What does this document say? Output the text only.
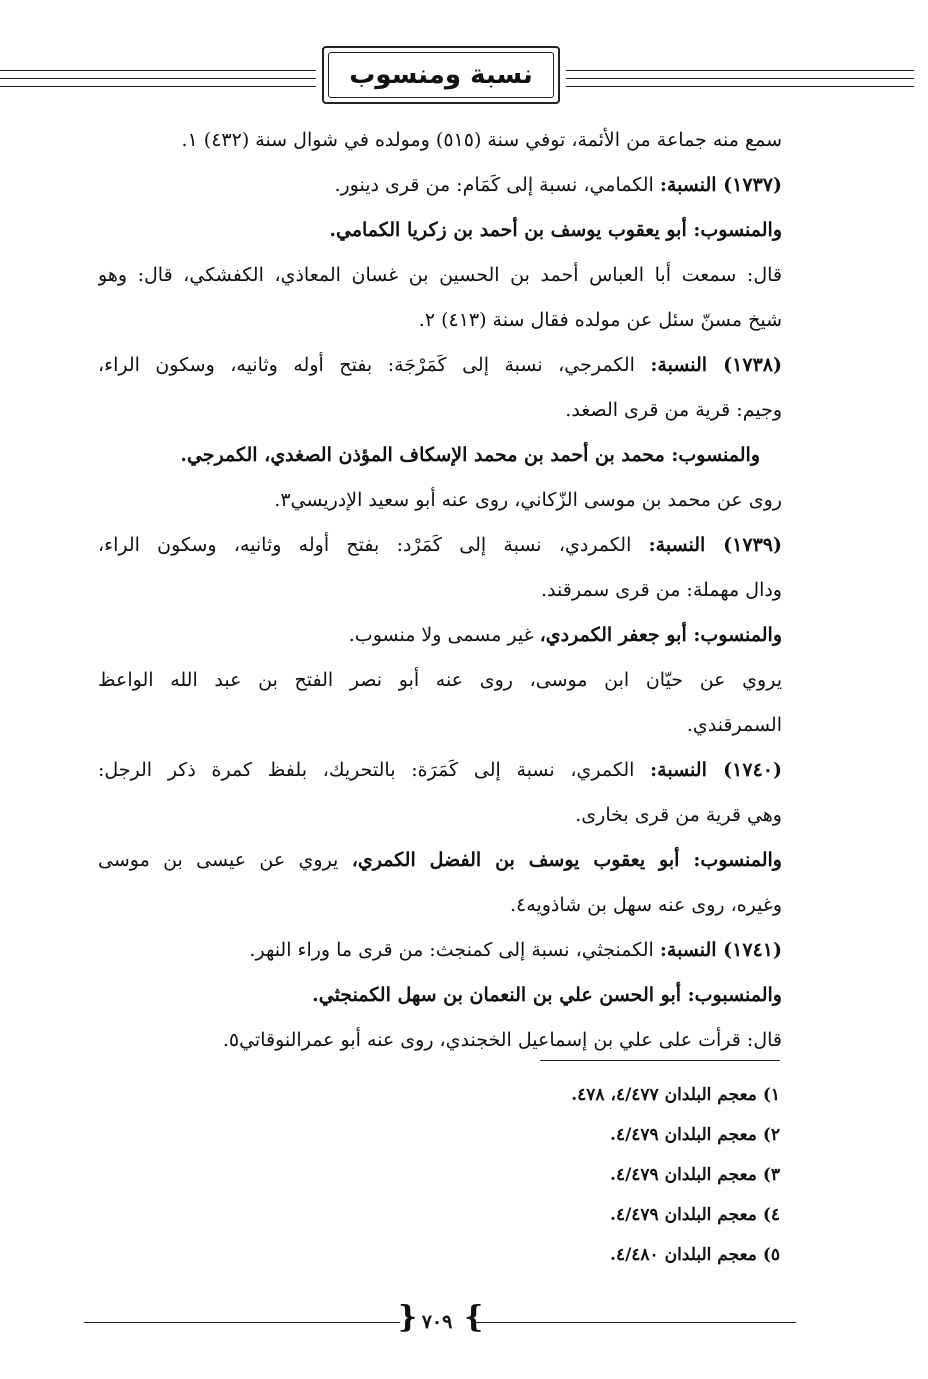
نسبة ومنسوب
سمع منه جماعة من الأئمة، توفي سنة (٥١٥) ومولده في شوال سنة (٤٣٢) ١.
(١٧٣٧) النسبة: الكمامي، نسبة إلى كَمَام: من قرى دينور.
والمنسوب: أبو يعقوب يوسف بن أحمد بن زكريا الكمامي.
قال: سمعت أبا العباس أحمد بن الحسين بن غسان المعاذي، الكفشكي، قال: وهو
شيخ مسنّ سئل عن مولده فقال سنة (٤١٣) ٢.
(١٧٣٨) النسبة: الكمرجي، نسبة إلى كَمَرْجَة: بفتح أوله وثانيه، وسكون الراء،
وجيم: قرية من قرى الصغد.
والمنسوب: محمد بن أحمد بن محمد الإسكاف المؤذن الصغدي، الكمرجي.
روى عن محمد بن موسى الزّكاني، روى عنه أبو سعيد الإدريسي٣.
(١٧٣٩) النسبة: الكمردي، نسبة إلى كَمَرْد: بفتح أوله وثانيه، وسكون الراء،
ودال مهملة: من قرى سمرقند.
والمنسوب: أبو جعفر الكمردي، غير مسمى ولا منسوب.
يروي عن حيّان ابن موسى، روى عنه أبو نصر الفتح بن عبد الله الواعظ
السمرقندي.
(١٧٤٠) النسبة: الكمري، نسبة إلى كَمَرَة: بالتحريك، بلفظ كمرة ذكر الرجل:
وهي قرية من قرى بخارى.
والمنسوب: أبو يعقوب يوسف بن الفضل الكمري، يروي عن عيسى بن موسى
وغيره، روى عنه سهل بن شاذويه٤.
(١٧٤١) النسبة: الكمنجثي، نسبة إلى كمنجث: من قرى ما وراء النهر.
والمنسبوب: أبو الحسن علي بن النعمان بن سهل الكمنجثي.
قال: قرأت على علي بن إسماعيل الخجندي، روى عنه أبو عمرالنوقاتي٥.
١) معجم البلدان ٤/٤٧٧، ٤٧٨.
٢) معجم البلدان ٤/٤٧٩.
٣) معجم البلدان ٤/٤٧٩.
٤) معجم البلدان ٤/٤٧٩.
٥) معجم البلدان ٤/٤٨٠.
{ }
٧٠٩
